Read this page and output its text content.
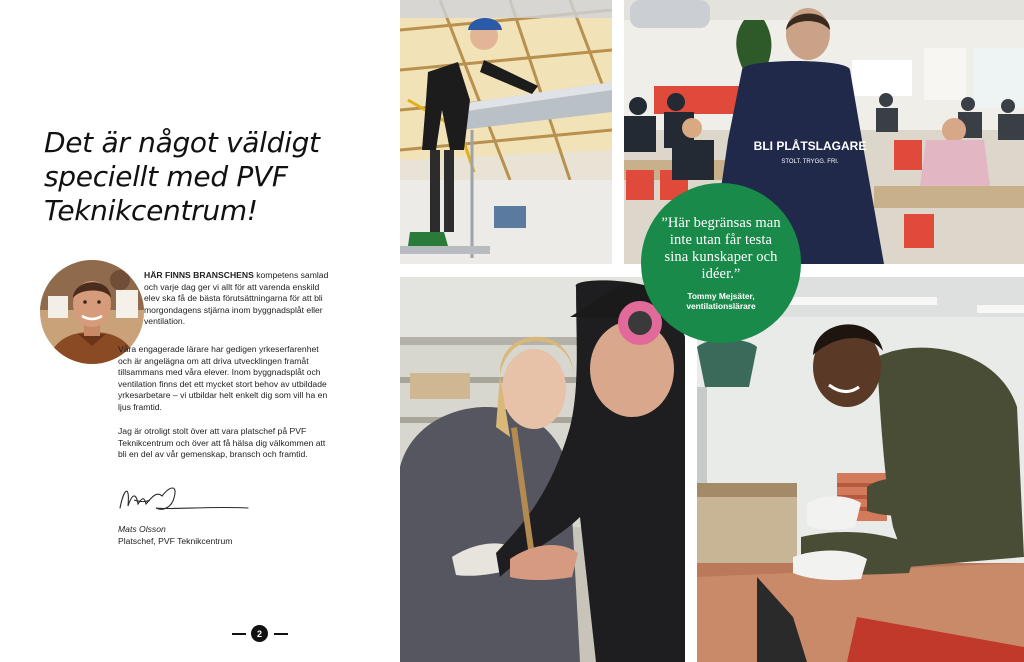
Det är något väldigt speciellt med PVF Teknikcentrum!

HÄR FINNS BRANSCHENS kompetens samlad och varje dag ger vi allt för att varenda enskild elev ska få de bästa förutsättningarna för att bli morgondagens stjärna inom byggnadsplåt eller ventilation.

Våra engagerade lärare har gedigen yrkeserfarenhet och är angelägna om att driva utvecklingen framåt tillsammans med våra elever. Inom byggnadsplåt och ventilation finns det ett mycket stort behov av utbildade yrkesarbetare – vi utbildar helt enkelt dig som vill ha en ljus framtid.

Jag är otroligt stolt över att vara platschef på PVF Teknikcentrum och över att få hälsa dig välkommen att bli en del av vår gemenskap, bransch och framtid.

Mats Olsson
Platschef, PVF Teknikcentrum
2
BLI PLÅTSLAGARE
STOLT. TRYGG. FRI.
”Här begränsas man inte utan får testa sina kunskaper och idéer.”
Tommy Mejsäter, ventilationslärare
